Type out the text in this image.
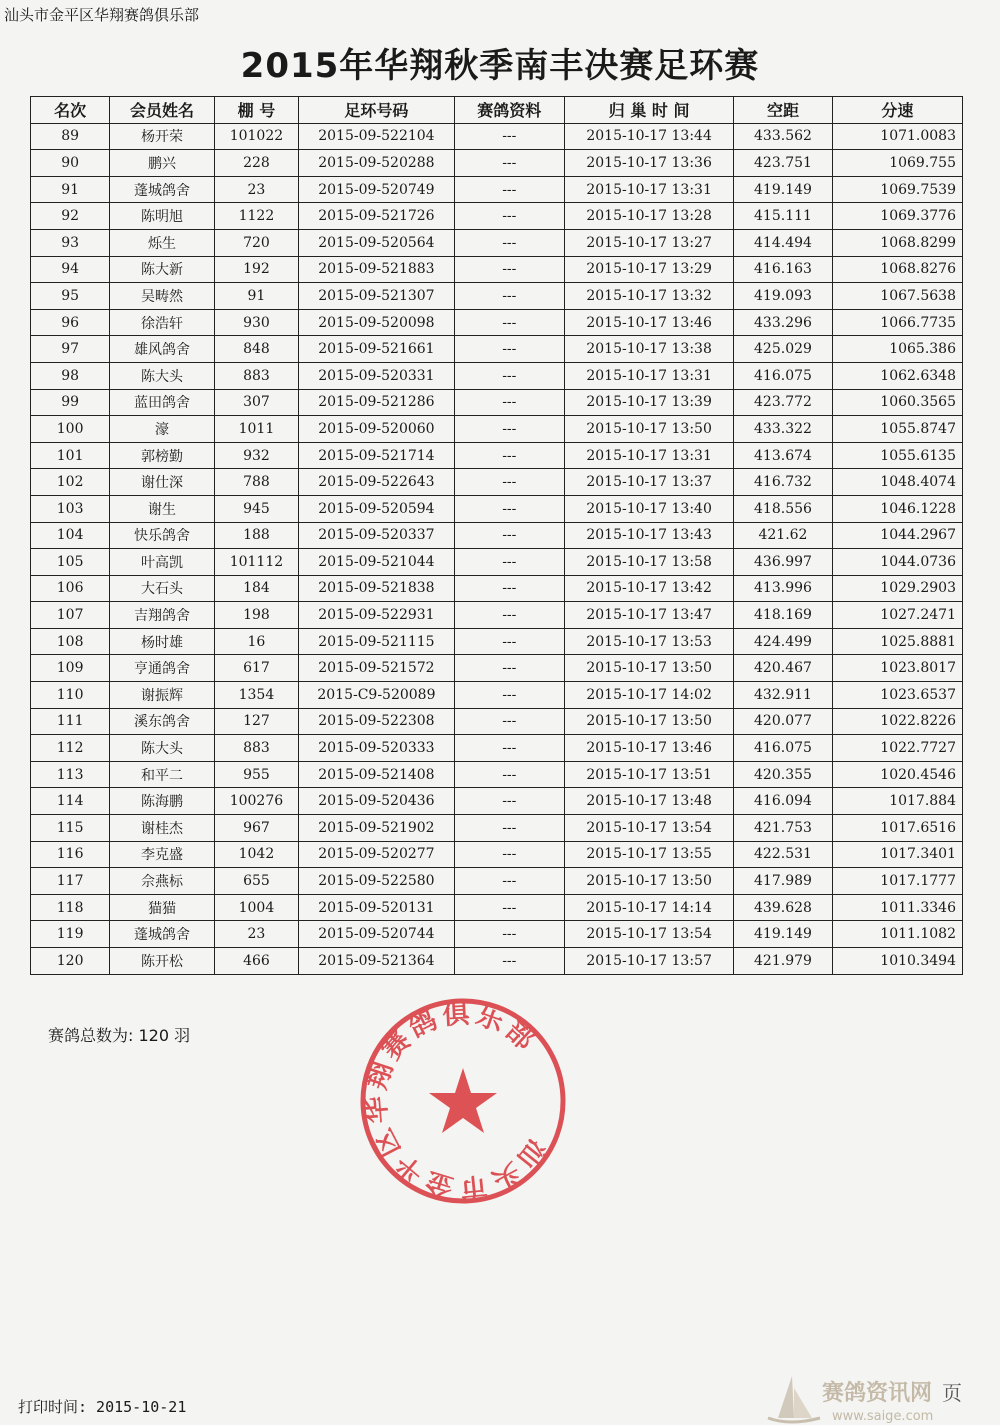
汕头市金平区华翔赛鸽俱乐部
2015年华翔秋季南丰决赛足环赛
名次	会员姓名	棚 号	足环号码	赛鸽资料	归 巢 时 间	空距	分速
89	杨开荣	101022	2015-09-522104	---	2015-10-17 13:44	433.562	1071.0083
90	鹏兴	228	2015-09-520288	---	2015-10-17 13:36	423.751	1069.755
91	蓬城鸽舍	23	2015-09-520749	---	2015-10-17 13:31	419.149	1069.7539
92	陈明旭	1122	2015-09-521726	---	2015-10-17 13:28	415.111	1069.3776
93	烁生	720	2015-09-520564	---	2015-10-17 13:27	414.494	1068.8299
94	陈大新	192	2015-09-521883	---	2015-10-17 13:29	416.163	1068.8276
95	吴畴然	91	2015-09-521307	---	2015-10-17 13:32	419.093	1067.5638
96	徐浩轩	930	2015-09-520098	---	2015-10-17 13:46	433.296	1066.7735
97	雄风鸽舍	848	2015-09-521661	---	2015-10-17 13:38	425.029	1065.386
98	陈大头	883	2015-09-520331	---	2015-10-17 13:31	416.075	1062.6348
99	蓝田鸽舍	307	2015-09-521286	---	2015-10-17 13:39	423.772	1060.3565
100	濠	1011	2015-09-520060	---	2015-10-17 13:50	433.322	1055.8747
101	郭榜勤	932	2015-09-521714	---	2015-10-17 13:31	413.674	1055.6135
102	谢仕深	788	2015-09-522643	---	2015-10-17 13:37	416.732	1048.4074
103	谢生	945	2015-09-520594	---	2015-10-17 13:40	418.556	1046.1228
104	快乐鸽舍	188	2015-09-520337	---	2015-10-17 13:43	421.62	1044.2967
105	叶高凯	101112	2015-09-521044	---	2015-10-17 13:58	436.997	1044.0736
106	大石头	184	2015-09-521838	---	2015-10-17 13:42	413.996	1029.2903
107	吉翔鸽舍	198	2015-09-522931	---	2015-10-17 13:47	418.169	1027.2471
108	杨时雄	16	2015-09-521115	---	2015-10-17 13:53	424.499	1025.8881
109	亨通鸽舍	617	2015-09-521572	---	2015-10-17 13:50	420.467	1023.8017
110	谢振辉	1354	2015-C9-520089	---	2015-10-17 14:02	432.911	1023.6537
111	溪东鸽舍	127	2015-09-522308	---	2015-10-17 13:50	420.077	1022.8226
112	陈大头	883	2015-09-520333	---	2015-10-17 13:46	416.075	1022.7727
113	和平二	955	2015-09-521408	---	2015-10-17 13:51	420.355	1020.4546
114	陈海鹏	100276	2015-09-520436	---	2015-10-17 13:48	416.094	1017.884
115	谢桂杰	967	2015-09-521902	---	2015-10-17 13:54	421.753	1017.6516
116	李克盛	1042	2015-09-520277	---	2015-10-17 13:55	422.531	1017.3401
117	佘燕标	655	2015-09-522580	---	2015-10-17 13:50	417.989	1017.1777
118	猫猫	1004	2015-09-520131	---	2015-10-17 14:14	439.628	1011.3346
119	蓬城鸽舍	23	2015-09-520744	---	2015-10-17 13:54	419.149	1011.1082
120	陈开松	466	2015-09-521364	---	2015-10-17 13:57	421.979	1010.3494
赛鸽总数为: 120 羽
汕头市金平区华翔赛鸽俱乐部
打印时间: 2015-10-21
赛鸽资讯网 页
www.saige.com
